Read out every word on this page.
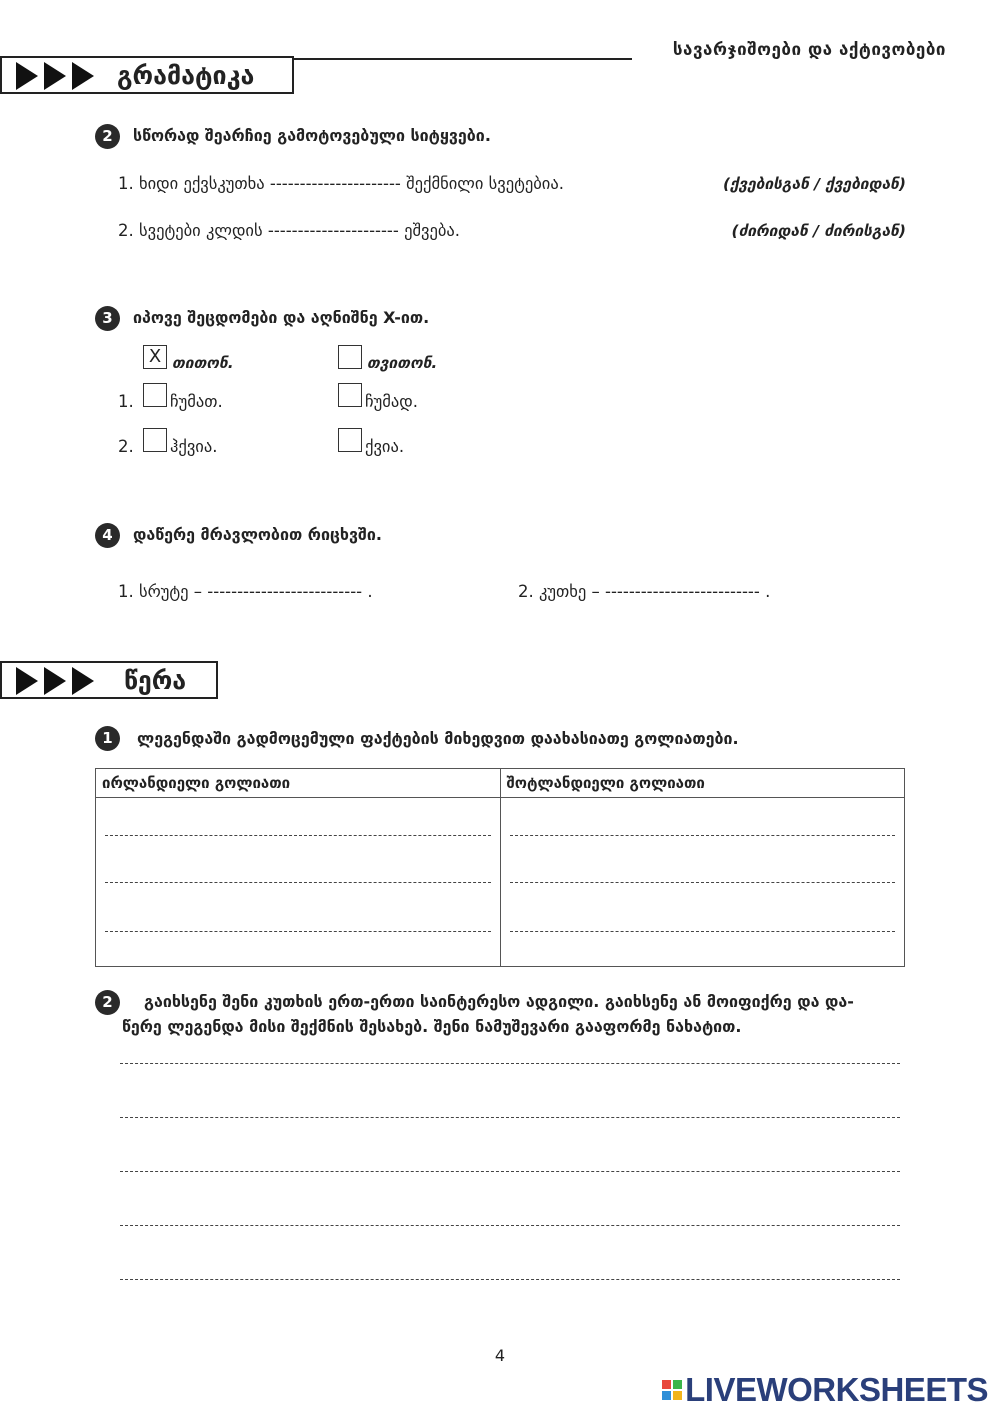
სავარჯიშოები და აქტივობები
გრამატიკა
2	სწორად შეარჩიე გამოტოვებული სიტყვები.
1. ხიდი ექვსკუთხა ---------------------- შექმნილი სვეტებია.	(ქვებისგან / ქვებიდან)
2. სვეტები კლდის ---------------------- ეშვება.	(ძირიდან / ძირისგან)
3	იპოვე შეცდომები და აღნიშნე X-ით.
X თითონ.	თვითონ.
1. ჩუმათ.	ჩუმად.
2. ჰქვია.	ქვია.
4	დაწერე მრავლობით რიცხვში.
1. სრუტე – -------------------------- .	2. კუთხე – -------------------------- .
წერა
1	ლეგენდაში გადმოცემული ფაქტების მიხედვით დაახასიათე გოლიათები.
ირლანდიელი გოლიათი	შოტლანდიელი გოლიათი

2	გაიხსენე შენი კუთხის ერთ-ერთი საინტერესო ადგილი. გაიხსენე ან მოიფიქრე და და-
წერე ლეგენდა მისი შექმნის შესახებ. შენი ნამუშევარი გააფორმე ნახატით.
4
LIVEWORKSHEETS
